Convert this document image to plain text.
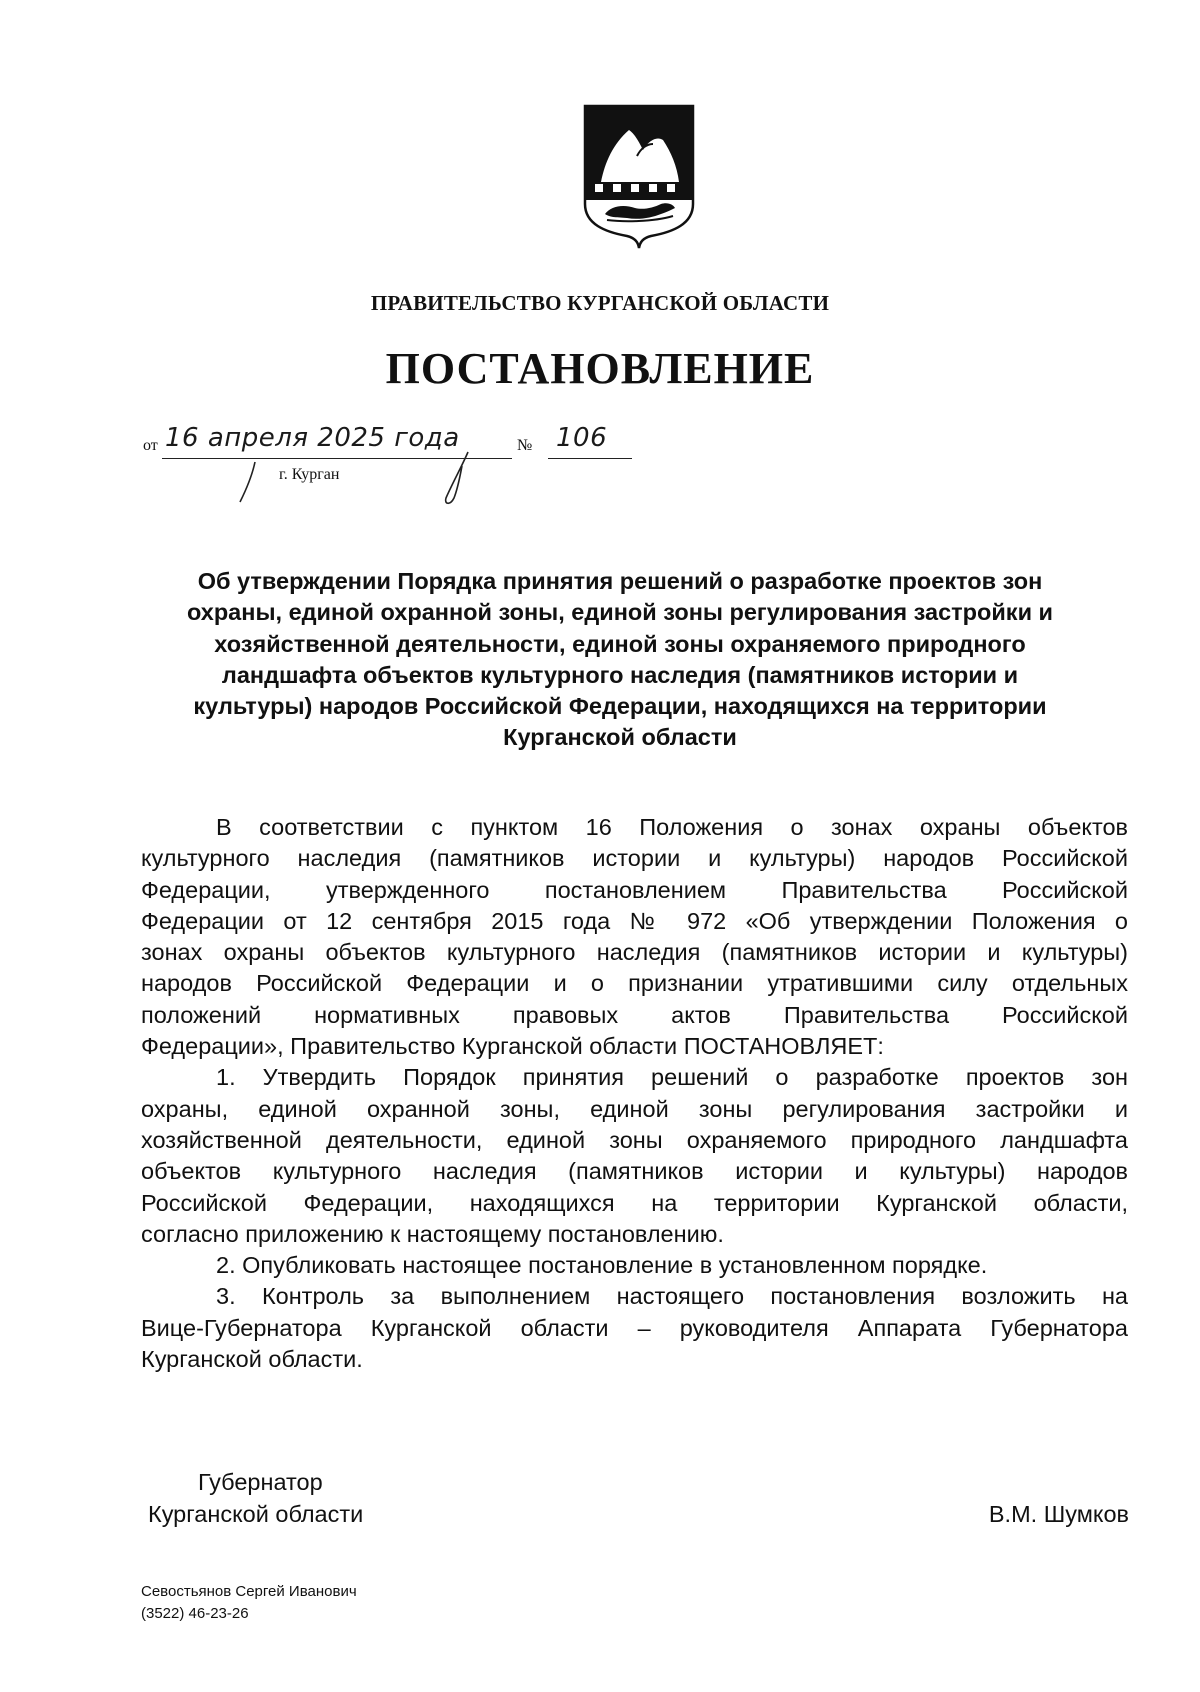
ПРАВИТЕЛЬСТВО КУРГАНСКОЙ ОБЛАСТИ
ПОСТАНОВЛЕНИЕ
от 16 апреля 2025 года	№ 106
г. Курган
Об утверждении Порядка принятия решений о разработке проектов зон
охраны, единой охранной зоны, единой зоны регулирования застройки и
хозяйственной деятельности, единой зоны охраняемого природного
ландшафта объектов культурного наследия (памятников истории и
культуры) народов Российской Федерации, находящихся на территории
Курганской области
В соответствии с пунктом 16 Положения о зонах охраны объектов
культурного наследия (памятников истории и культуры) народов Российской
Федерации, утвержденного постановлением Правительства Российской
Федерации от 12 сентября 2015 года № 972 «Об утверждении Положения о
зонах охраны объектов культурного наследия (памятников истории и культуры)
народов Российской Федерации и о признании утратившими силу отдельных
положений нормативных правовых актов Правительства Российской
Федерации», Правительство Курганской области ПОСТАНОВЛЯЕТ:
1. Утвердить Порядок принятия решений о разработке проектов зон
охраны, единой охранной зоны, единой зоны регулирования застройки и
хозяйственной деятельности, единой зоны охраняемого природного ландшафта
объектов культурного наследия (памятников истории и культуры) народов
Российской Федерации, находящихся на территории Курганской области,
согласно приложению к настоящему постановлению.
2. Опубликовать настоящее постановление в установленном порядке.
3. Контроль за выполнением настоящего постановления возложить на
Вице-Губернатора Курганской области – руководителя Аппарата Губернатора
Курганской области.
Губернатор
Курганской области	В.М. Шумков
Севостьянов Сергей Иванович
(3522) 46-23-26
